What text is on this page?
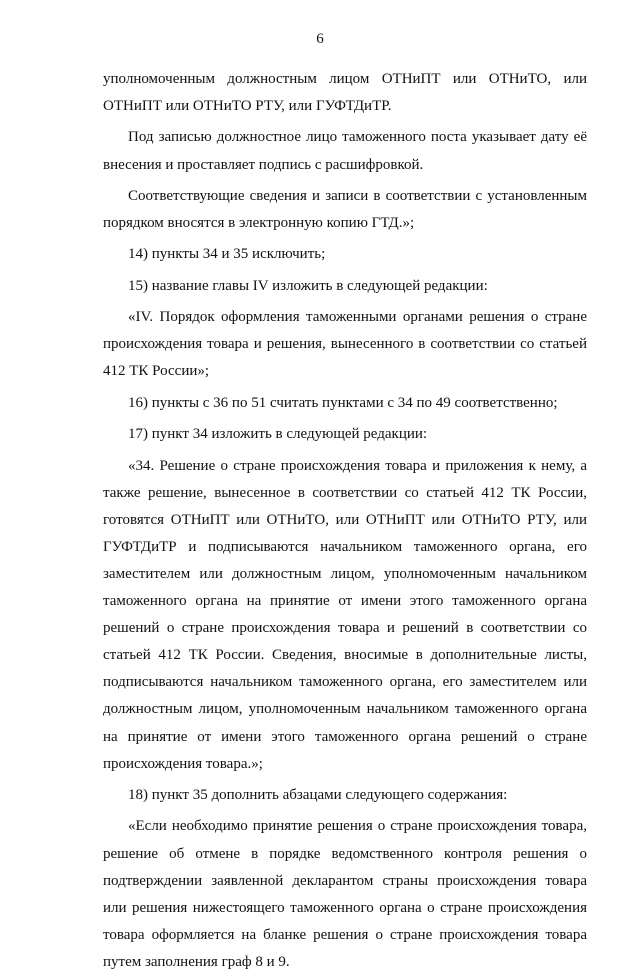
6

уполномоченным должностным лицом ОТНиПТ или ОТНиТО, или ОТНиПТ или ОТНиТО РТУ, или ГУФТДиТР.

Под записью должностное лицо таможенного поста указывает дату её внесения и проставляет подпись с расшифровкой.

Соответствующие сведения и записи в соответствии с установленным порядком вносятся в электронную копию ГТД.»;

14) пункты 34 и 35 исключить;

15) название главы IV изложить в следующей редакции:

«IV. Порядок оформления таможенными органами решения о стране происхождения товара и решения, вынесенного в соответствии со статьей 412 ТК России»;

16) пункты с 36 по 51 считать пунктами с 34 по 49 соответственно;

17) пункт 34 изложить в следующей редакции:

«34. Решение о стране происхождения товара и приложения к нему, а также решение, вынесенное в соответствии со статьей 412 ТК России, готовятся ОТНиПТ или ОТНиТО, или ОТНиПТ или ОТНиТО РТУ, или ГУФТДиТР и подписываются начальником таможенного органа, его заместителем или должностным лицом, уполномоченным начальником таможенного органа на принятие от имени этого таможенного органа решений о стране происхождения товара и решений в соответствии со статьей 412 ТК России. Сведения, вносимые в дополнительные листы, подписываются начальником таможенного органа, его заместителем или должностным лицом, уполномоченным начальником таможенного органа на принятие от имени этого таможенного органа решений о стране происхождения товара.»;

18) пункт 35 дополнить абзацами следующего содержания:

«Если необходимо принятие решения о стране происхождения товара, решение об отмене в порядке ведомственного контроля решения о подтверждении заявленной декларантом страны происхождения товара или решения нижестоящего таможенного органа о стране происхождения товара оформляется на бланке решения о стране происхождения товара путем заполнения граф 8 и 9.
